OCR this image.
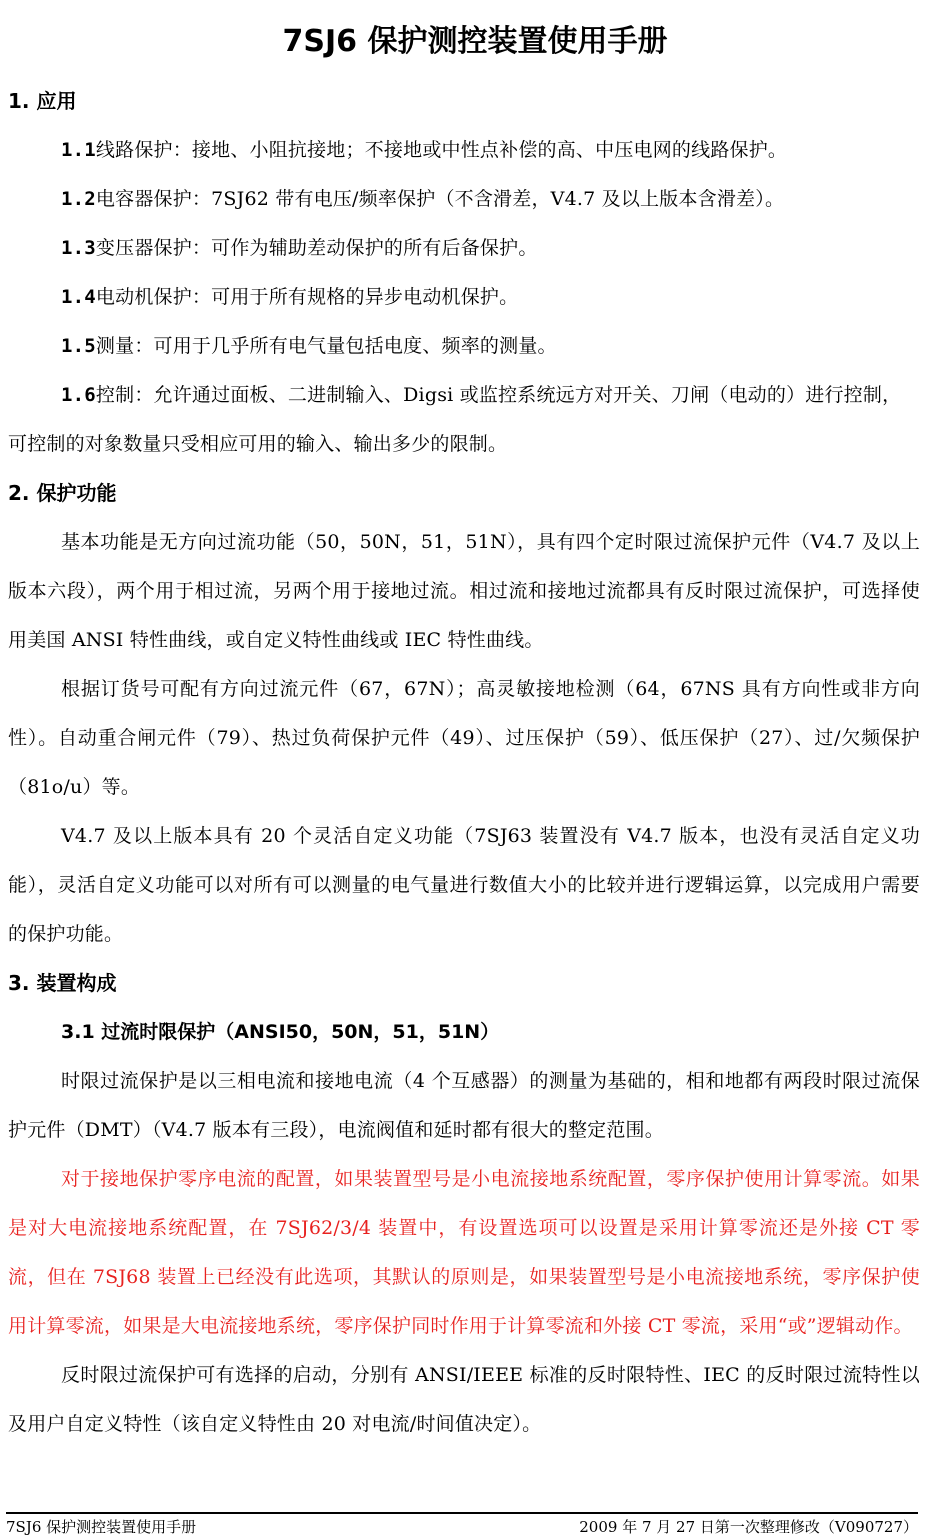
7SJ6 保护测控装置使用手册
1. 应用

1.1线路保护：接地、小阻抗接地；不接地或中性点补偿的高、中压电网的线路保护。

1.2电容器保护：7SJ62 带有电压/频率保护（不含滑差，V4.7 及以上版本含滑差）。

1.3变压器保护：可作为辅助差动保护的所有后备保护。

1.4电动机保护：可用于所有规格的异步电动机保护。

1.5测量：可用于几乎所有电气量包括电度、频率的测量。

1.6控制：允许通过面板、二进制输入、Digsi 或监控系统远方对开关、刀闸（电动的）进行控制，可控制的对象数量只受相应可用的输入、输出多少的限制。

2. 保护功能

基本功能是无方向过流功能（50，50N，51，51N），具有四个定时限过流保护元件（V4.7 及以上版本六段），两个用于相过流，另两个用于接地过流。相过流和接地过流都具有反时限过流保护，可选择使用美国 ANSI 特性曲线，或自定义特性曲线或 IEC 特性曲线。

根据订货号可配有方向过流元件（67，67N）；高灵敏接地检测（64，67NS 具有方向性或非方向性）。自动重合闸元件（79）、热过负荷保护元件（49）、过压保护（59）、低压保护（27）、过/欠频保护（81o/u）等。

V4.7 及以上版本具有 20 个灵活自定义功能（7SJ63 装置没有 V4.7 版本，也没有灵活自定义功能），灵活自定义功能可以对所有可以测量的电气量进行数值大小的比较并进行逻辑运算，以完成用户需要的保护功能。

3. 装置构成
3.1 过流时限保护（ANSI50，50N，51，51N）

时限过流保护是以三相电流和接地电流（4 个互感器）的测量为基础的，相和地都有两段时限过流保护元件（DMT）（V4.7 版本有三段），电流阀值和延时都有很大的整定范围。

对于接地保护零序电流的配置，如果装置型号是小电流接地系统配置，零序保护使用计算零流。如果是对大电流接地系统配置，在 7SJ62/3/4 装置中，有设置选项可以设置是采用计算零流还是外接 CT 零流，但在 7SJ68 装置上已经没有此选项，其默认的原则是，如果装置型号是小电流接地系统，零序保护使用计算零流，如果是大电流接地系统，零序保护同时作用于计算零流和外接 CT 零流，采用“或”逻辑动作。

反时限过流保护可有选择的启动，分别有 ANSI/IEEE 标准的反时限特性、IEC 的反时限过流特性以及用户自定义特性（该自定义特性由 20 对电流/时间值决定）。

7SJ6 保护测控装置使用手册	2009 年 7 月 27 日第一次整理修改（V090727）
